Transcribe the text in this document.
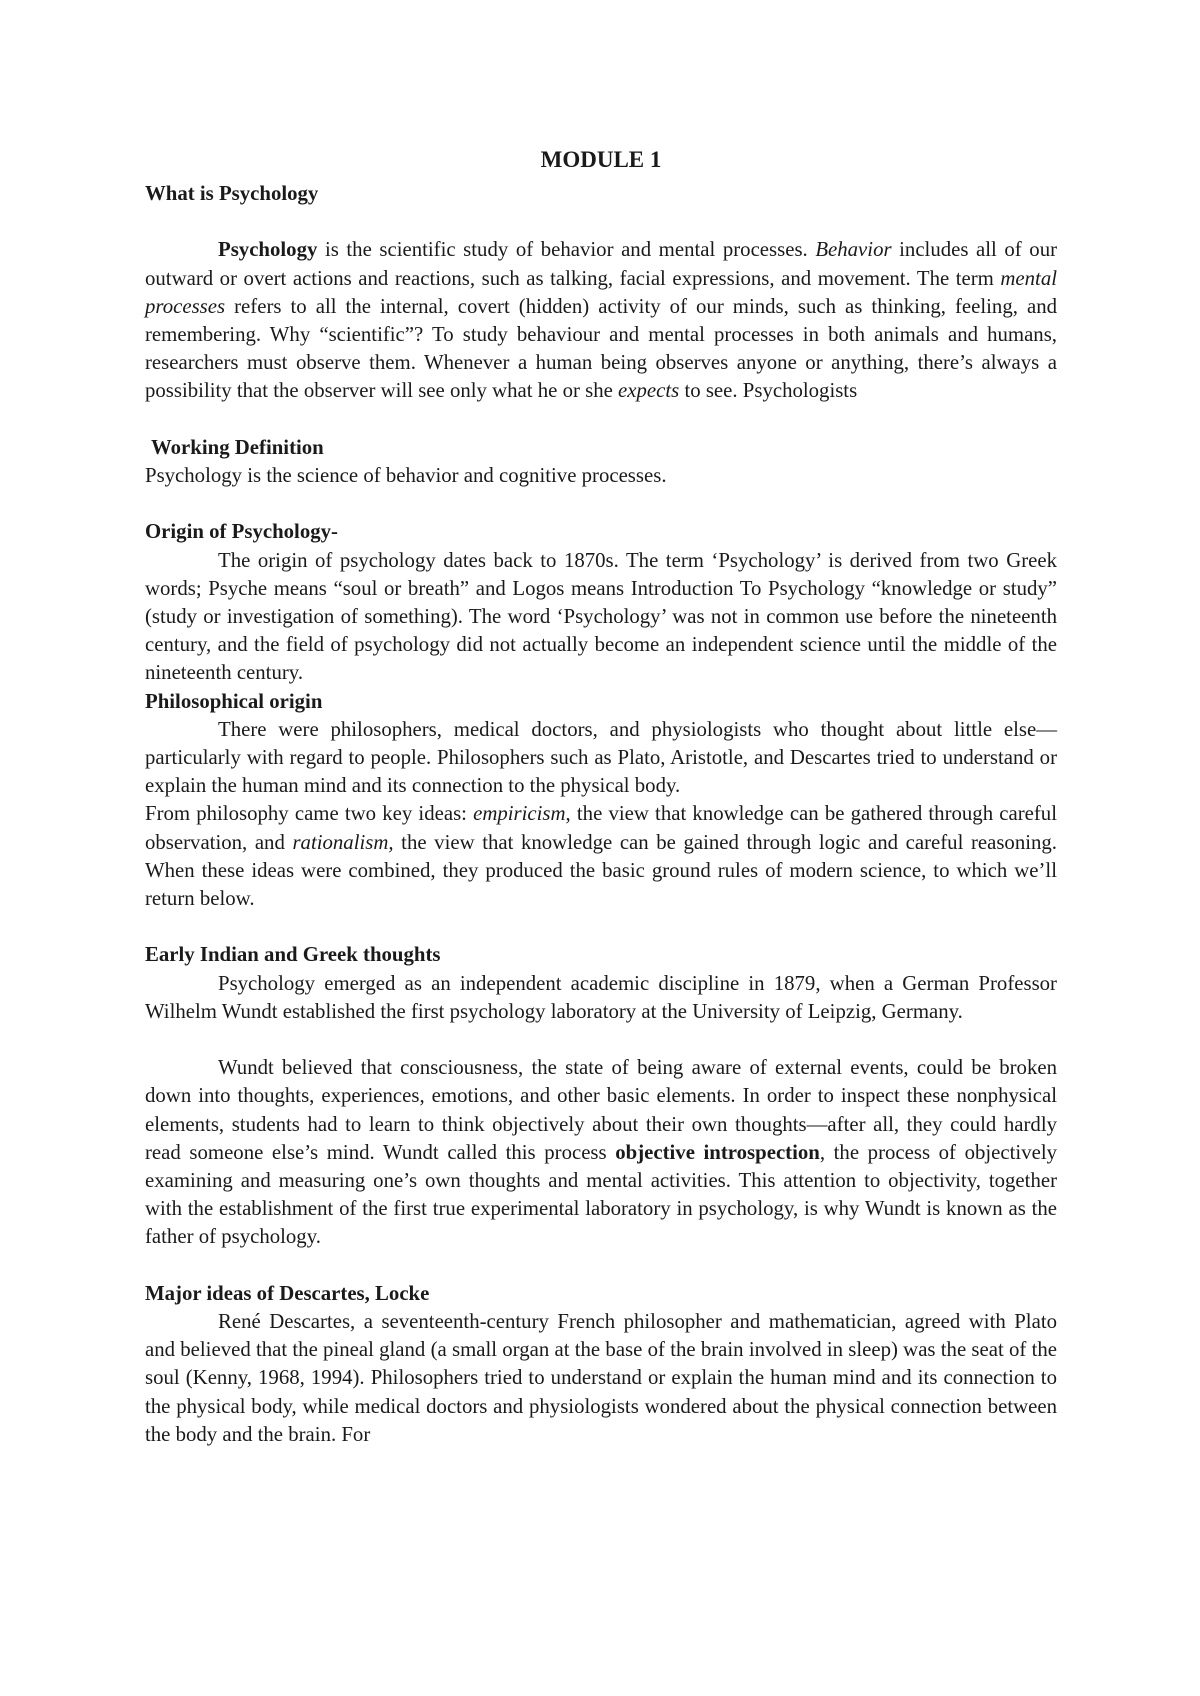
MODULE 1
What is Psychology

Psychology is the scientific study of behavior and mental processes. Behavior includes all of our outward or overt actions and reactions, such as talking, facial expressions, and movement. The term mental processes refers to all the internal, covert (hidden) activity of our minds, such as thinking, feeling, and remembering. Why “scientific”? To study behaviour and mental processes in both animals and humans, researchers must observe them. Whenever a human being observes anyone or anything, there’s always a possibility that the observer will see only what he or she expects to see. Psychologists

Working Definition

Psychology is the science of behavior and cognitive processes.

Origin of Psychology-

The origin of psychology dates back to 1870s. The term ‘Psychology’ is derived from two Greek words; Psyche means “soul or breath” and Logos means Introduction To Psychology “knowledge or study” (study or investigation of something). The word ‘Psychology’ was not in common use before the nineteenth century, and the field of psychology did not actually become an independent science until the middle of the nineteenth century.

Philosophical origin

There were philosophers, medical doctors, and physiologists who thought about little else—particularly with regard to people. Philosophers such as Plato, Aristotle, and Descartes tried to understand or explain the human mind and its connection to the physical body.

From philosophy came two key ideas: empiricism, the view that knowledge can be gathered through careful observation, and rationalism, the view that knowledge can be gained through logic and careful reasoning. When these ideas were combined, they produced the basic ground rules of modern science, to which we’ll return below.

Early Indian and Greek thoughts

Psychology emerged as an independent academic discipline in 1879, when a German Professor Wilhelm Wundt established the first psychology laboratory at the University of Leipzig, Germany.

Wundt believed that consciousness, the state of being aware of external events, could be broken down into thoughts, experiences, emotions, and other basic elements. In order to inspect these nonphysical elements, students had to learn to think objectively about their own thoughts—after all, they could hardly read someone else’s mind. Wundt called this process objective introspection, the process of objectively examining and measuring one’s own thoughts and mental activities. This attention to objectivity, together with the establishment of the first true experimental laboratory in psychology, is why Wundt is known as the father of psychology.

Major ideas of Descartes, Locke

René Descartes, a seventeenth-century French philosopher and mathematician, agreed with Plato and believed that the pineal gland (a small organ at the base of the brain involved in sleep) was the seat of the soul (Kenny, 1968, 1994). Philosophers tried to understand or explain the human mind and its connection to the physical body, while medical doctors and physiologists wondered about the physical connection between the body and the brain. For
